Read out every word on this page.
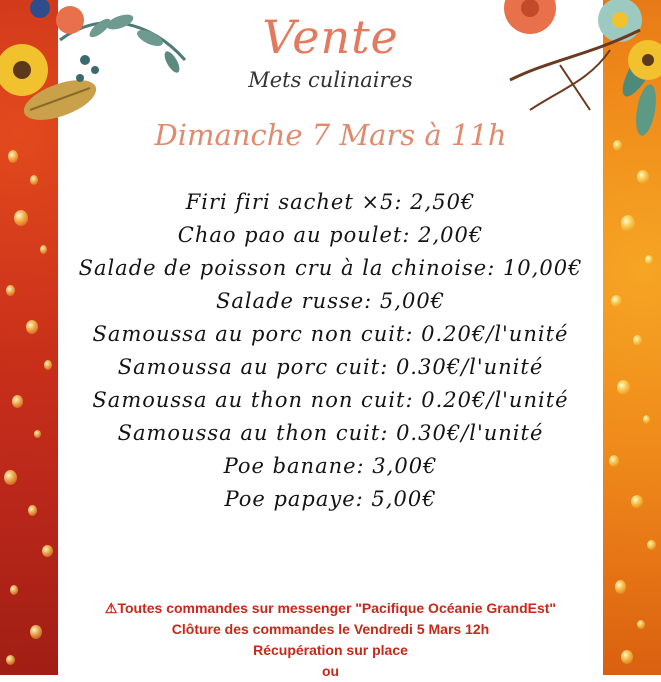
Vente
Mets culinaires
Dimanche 7 Mars à 11h
Firi firi sachet ×5: 2,50€
Chao pao au poulet: 2,00€
Salade de poisson cru à la chinoise: 10,00€
Salade russe: 5,00€
Samoussa au porc non cuit: 0.20€/l'unité
Samoussa au porc cuit: 0.30€/l'unité
Samoussa au thon non cuit: 0.20€/l'unité
Samoussa au thon cuit: 0.30€/l'unité
Poe banane: 3,00€
Poe papaye: 5,00€
⚠Toutes commandes sur messenger "Pacifique Océanie GrandEst"
Clôture des commandes le Vendredi 5 Mars 12h
Récupération sur place
ou
